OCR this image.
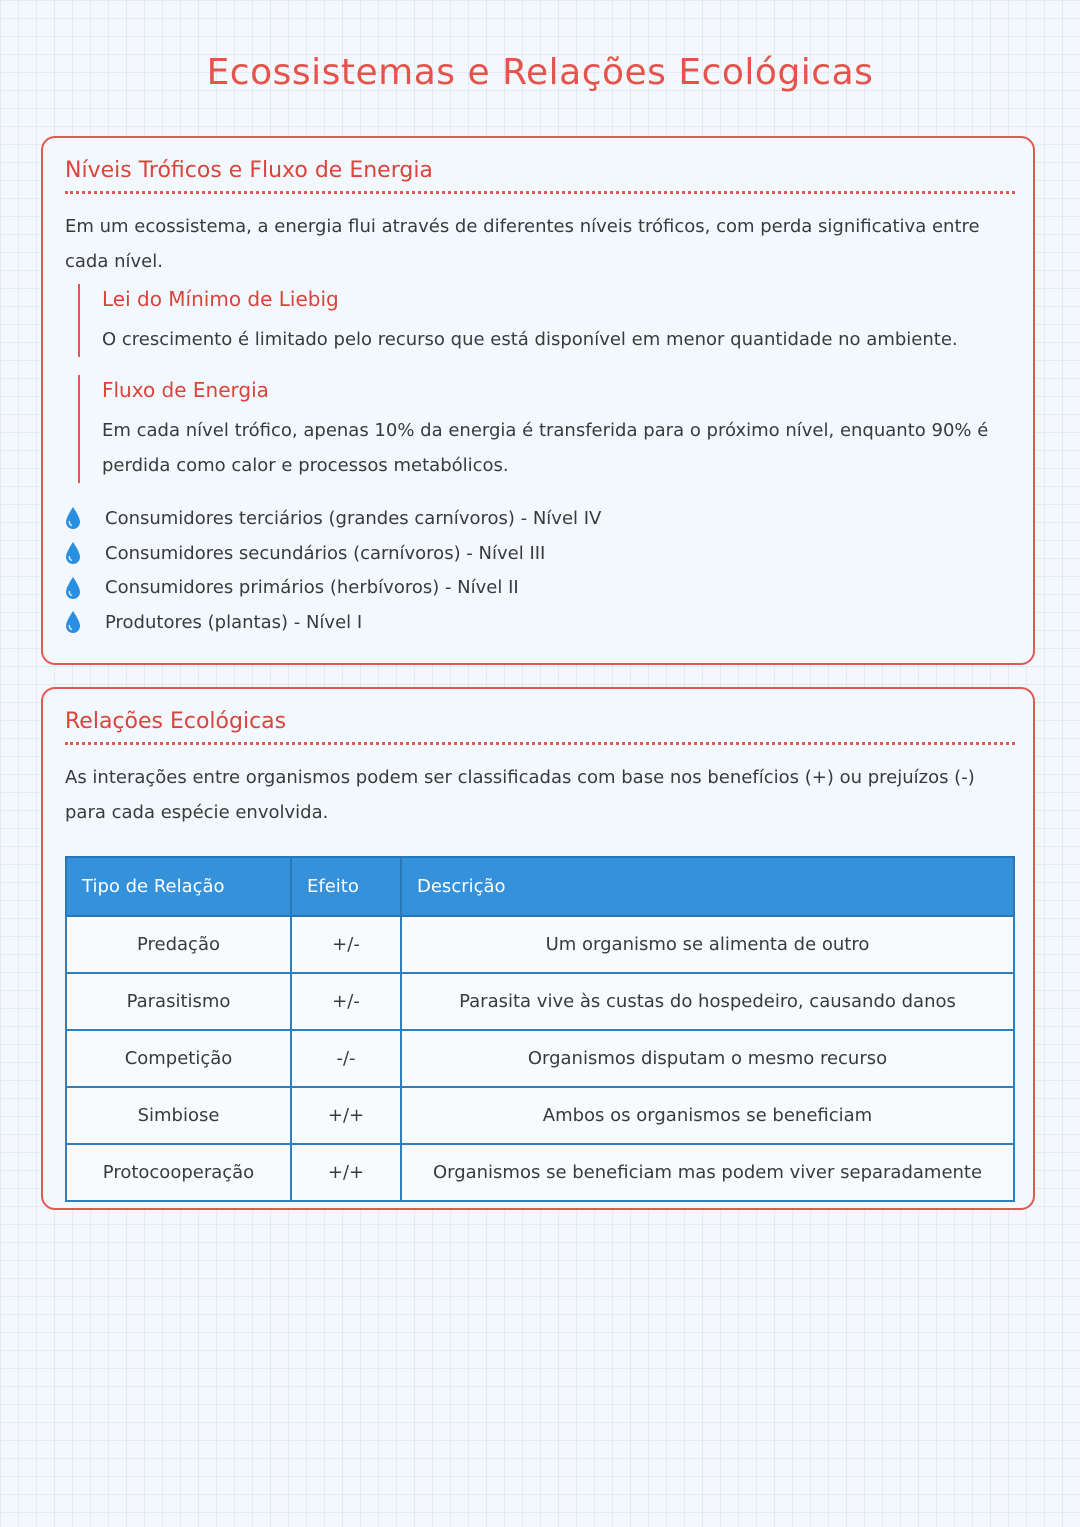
Ecossistemas e Relações Ecológicas
Níveis Tróficos e Fluxo de Energia

Em um ecossistema, a energia flui através de diferentes níveis tróficos, com perda significativa entre cada nível.

Lei do Mínimo de Liebig

O crescimento é limitado pelo recurso que está disponível em menor quantidade no ambiente.

Fluxo de Energia

Em cada nível trófico, apenas 10% da energia é transferida para o próximo nível, enquanto 90% é perdida como calor e processos metabólicos.

Consumidores terciários (grandes carnívoros) - Nível IV
Consumidores secundários (carnívoros) - Nível III
Consumidores primários (herbívoros) - Nível II
Produtores (plantas) - Nível I
Relações Ecológicas

As interações entre organismos podem ser classificadas com base nos benefícios (+) ou prejuízos (-) para cada espécie envolvida.

Tipo de Relação	Efeito	Descrição
Predação	+/-	Um organismo se alimenta de outro
Parasitismo	+/-	Parasita vive às custas do hospedeiro, causando danos
Competição	-/-	Organismos disputam o mesmo recurso
Simbiose	+/+	Ambos os organismos se beneficiam
Protocooperação	+/+	Organismos se beneficiam mas podem viver separadamente
